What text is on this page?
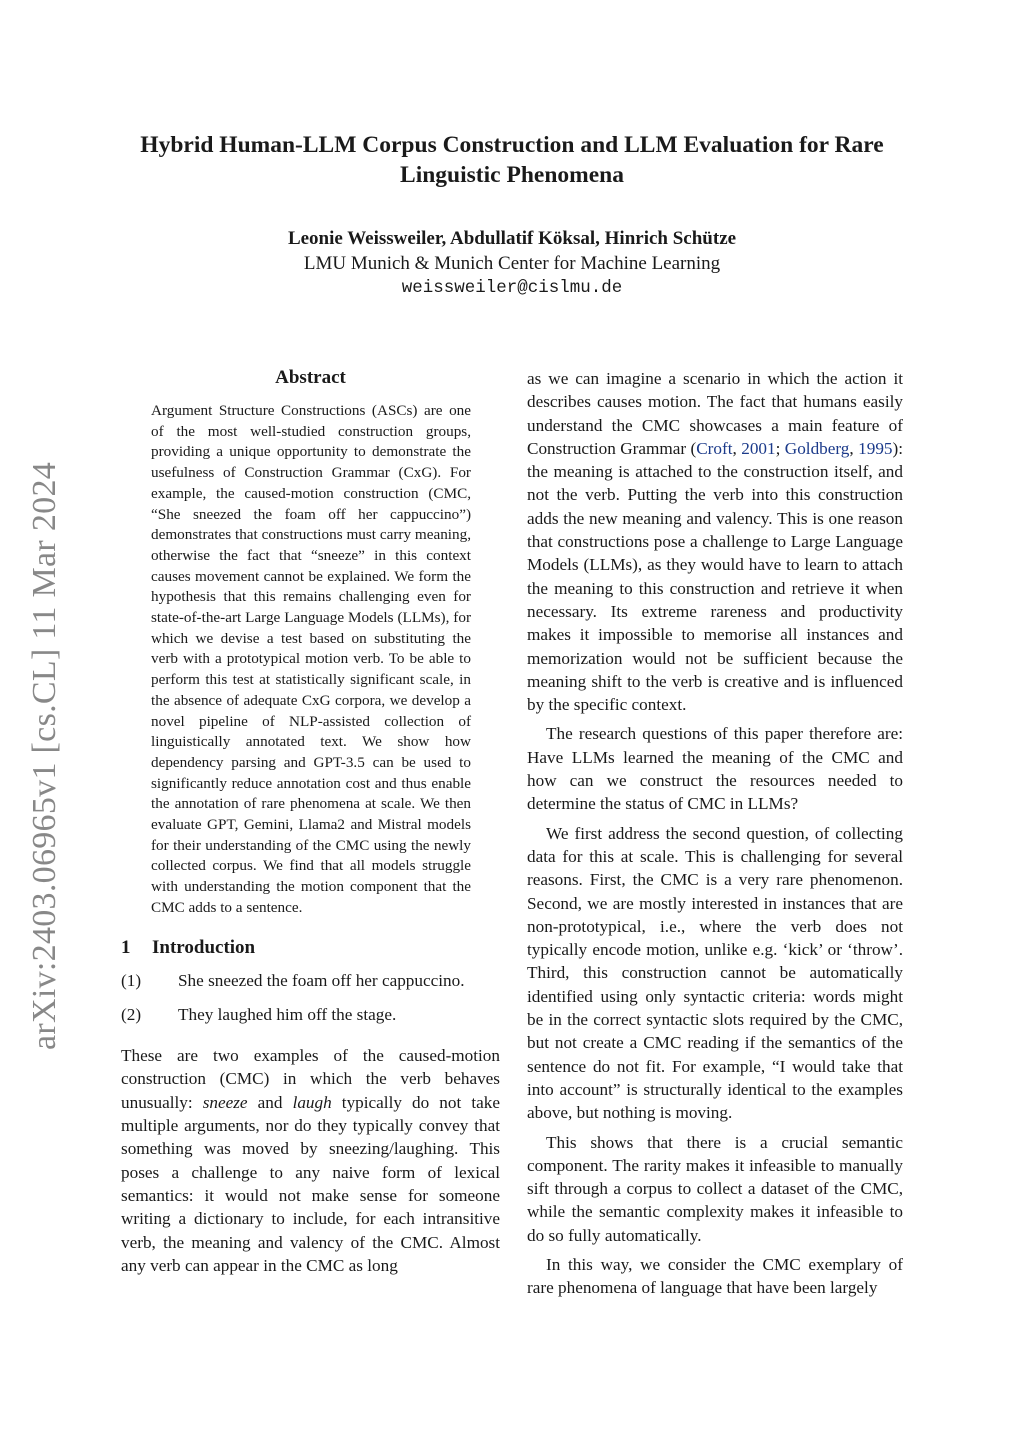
arXiv:2403.06965v1 [cs.CL] 11 Mar 2024

Hybrid Human-LLM Corpus Construction and LLM Evaluation for Rare

Linguistic Phenomena

Leonie Weissweiler, Abdullatif Köksal, Hinrich Schütze
LMU Munich & Munich Center for Machine Learning
weissweiler@cislmu.de
Abstract
Argument Structure Constructions (ASCs) are one of the most well-studied construction groups, providing a unique opportunity to demonstrate the usefulness of Construction Grammar (CxG). For example, the caused-motion construction (CMC, “She sneezed the foam off her cappuccino”) demonstrates that constructions must carry meaning, otherwise the fact that “sneeze” in this context causes movement cannot be explained. We form the hypothesis that this remains challenging even for state-of-the-art Large Language Models (LLMs), for which we devise a test based on substituting the verb with a prototypical motion verb. To be able to perform this test at statistically significant scale, in the absence of adequate CxG corpora, we develop a novel pipeline of NLP-assisted collection of linguistically annotated text. We show how dependency parsing and GPT-3.5 can be used to significantly reduce annotation cost and thus enable the annotation of rare phenomena at scale. We then evaluate GPT, Gemini, Llama2 and Mistral models for their understanding of the CMC using the newly collected corpus. We find that all models struggle with understanding the motion component that the CMC adds to a sentence.
1 Introduction
(1)	She sneezed the foam off her cappuccino.
(2)	They laughed him off the stage.

These are two examples of the caused-motion construction (CMC) in which the verb behaves unusually: sneeze and laugh typically do not take multiple arguments, nor do they typically convey that something was moved by sneezing/laughing. This poses a challenge to any naive form of lexical semantics: it would not make sense for someone writing a dictionary to include, for each intransitive verb, the meaning and valency of the CMC. Almost any verb can appear in the CMC as long

as we can imagine a scenario in which the action it describes causes motion. The fact that humans easily understand the CMC showcases a main feature of Construction Grammar (Croft, 2001; Goldberg, 1995): the meaning is attached to the construction itself, and not the verb. Putting the verb into this construction adds the new meaning and valency. This is one reason that constructions pose a challenge to Large Language Models (LLMs), as they would have to learn to attach the meaning to this construction and retrieve it when necessary. Its extreme rareness and productivity makes it impossible to memorise all instances and memorization would not be sufficient because the meaning shift to the verb is creative and is influenced by the specific context.

The research questions of this paper therefore are: Have LLMs learned the meaning of the CMC and how can we construct the resources needed to determine the status of CMC in LLMs?

We first address the second question, of collecting data for this at scale. This is challenging for several reasons. First, the CMC is a very rare phenomenon. Second, we are mostly interested in instances that are non-prototypical, i.e., where the verb does not typically encode motion, unlike e.g. ‘kick’ or ‘throw’. Third, this construction cannot be automatically identified using only syntactic criteria: words might be in the correct syntactic slots required by the CMC, but not create a CMC reading if the semantics of the sentence do not fit. For example, “I would take that into account” is structurally identical to the examples above, but nothing is moving.

This shows that there is a crucial semantic component. The rarity makes it infeasible to manually sift through a corpus to collect a dataset of the CMC, while the semantic complexity makes it infeasible to do so fully automatically.

In this way, we consider the CMC exemplary of rare phenomena of language that have been largely
